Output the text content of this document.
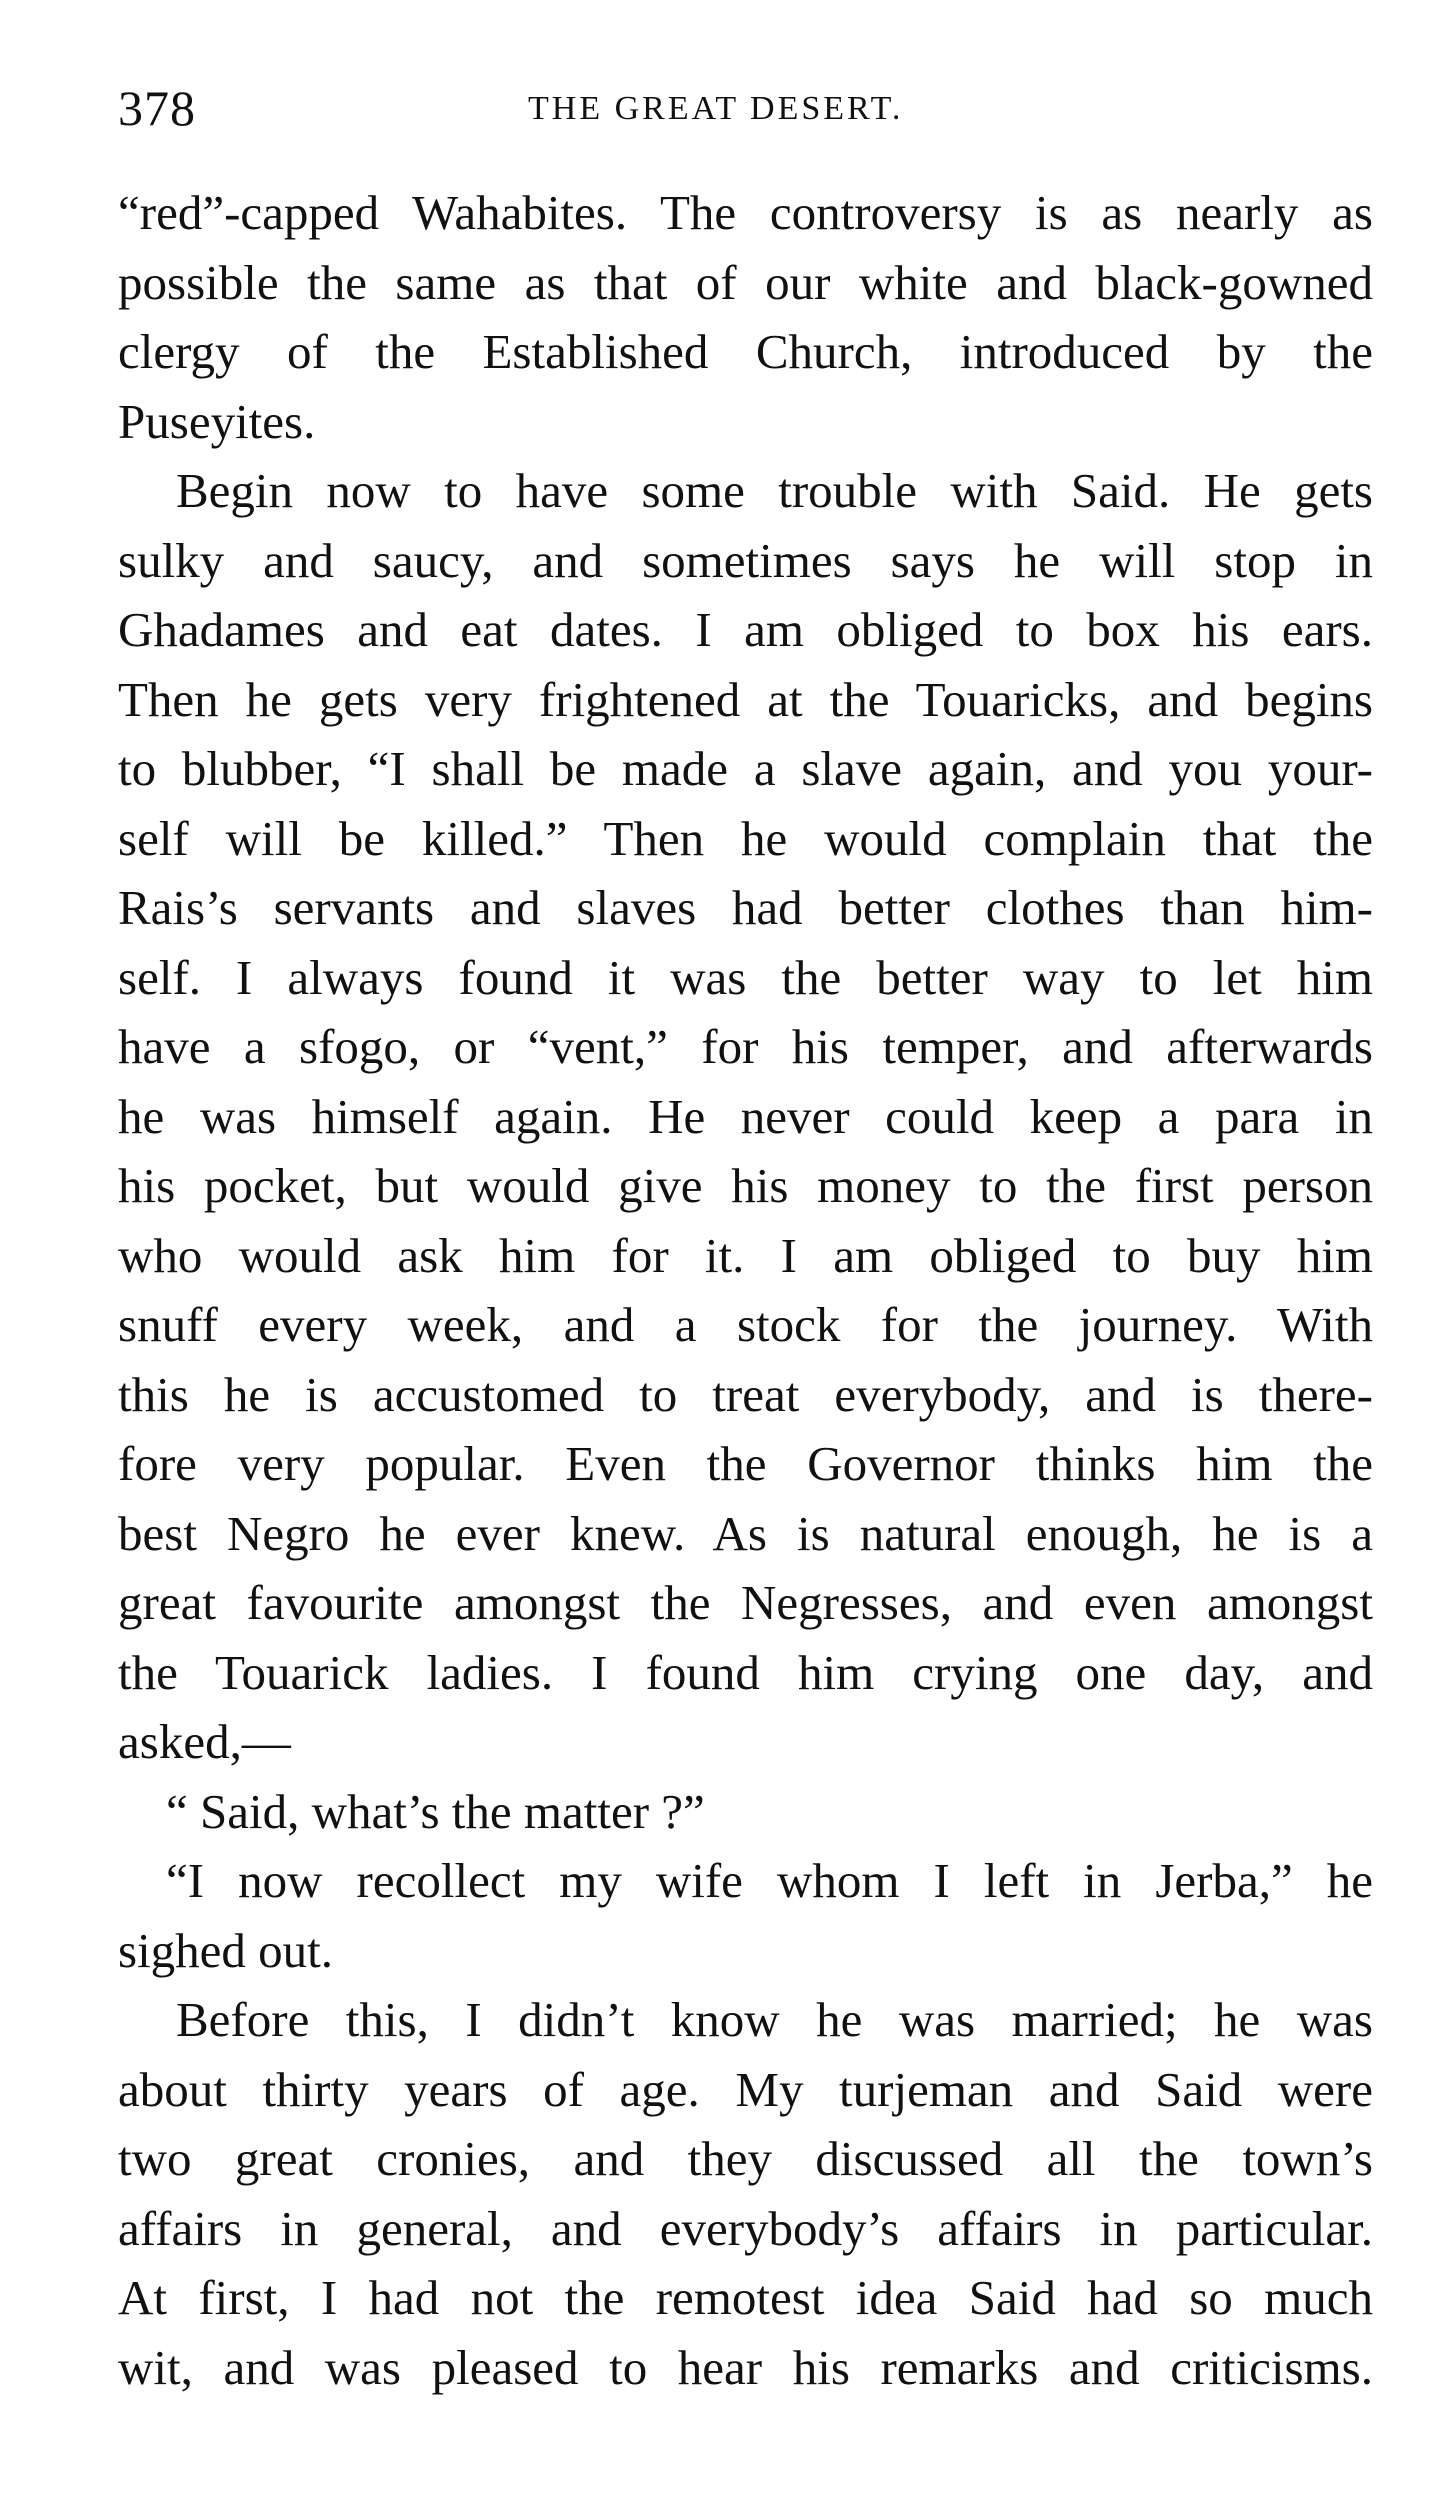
378	THE GREAT DESERT.
“red”-capped Wahabites. The controversy is as nearly as
possible the same as that of our white and black-gowned
clergy of the Established Church, introduced by the
Puseyites.
Begin now to have some trouble with Said. He gets
sulky and saucy, and sometimes says he will stop in
Ghadames and eat dates. I am obliged to box his ears.
Then he gets very frightened at the Touaricks, and begins
to blubber, “I shall be made a slave again, and you your-
self will be killed.” Then he would complain that the
Rais’s servants and slaves had better clothes than him-
self. I always found it was the better way to let him
have a sfogo, or “vent,” for his temper, and afterwards
he was himself again. He never could keep a para in
his pocket, but would give his money to the first person
who would ask him for it. I am obliged to buy him
snuff every week, and a stock for the journey. With
this he is accustomed to treat everybody, and is there-
fore very popular. Even the Governor thinks him the
best Negro he ever knew. As is natural enough, he is a
great favourite amongst the Negresses, and even amongst
the Touarick ladies. I found him crying one day, and
asked,—
“ Said, what’s the matter ?”
“I now recollect my wife whom I left in Jerba,” he
sighed out.
Before this, I didn’t know he was married; he was
about thirty years of age. My turjeman and Said were
two great cronies, and they discussed all the town’s
affairs in general, and everybody’s affairs in particular.
At first, I had not the remotest idea Said had so much
wit, and was pleased to hear his remarks and criticisms.
